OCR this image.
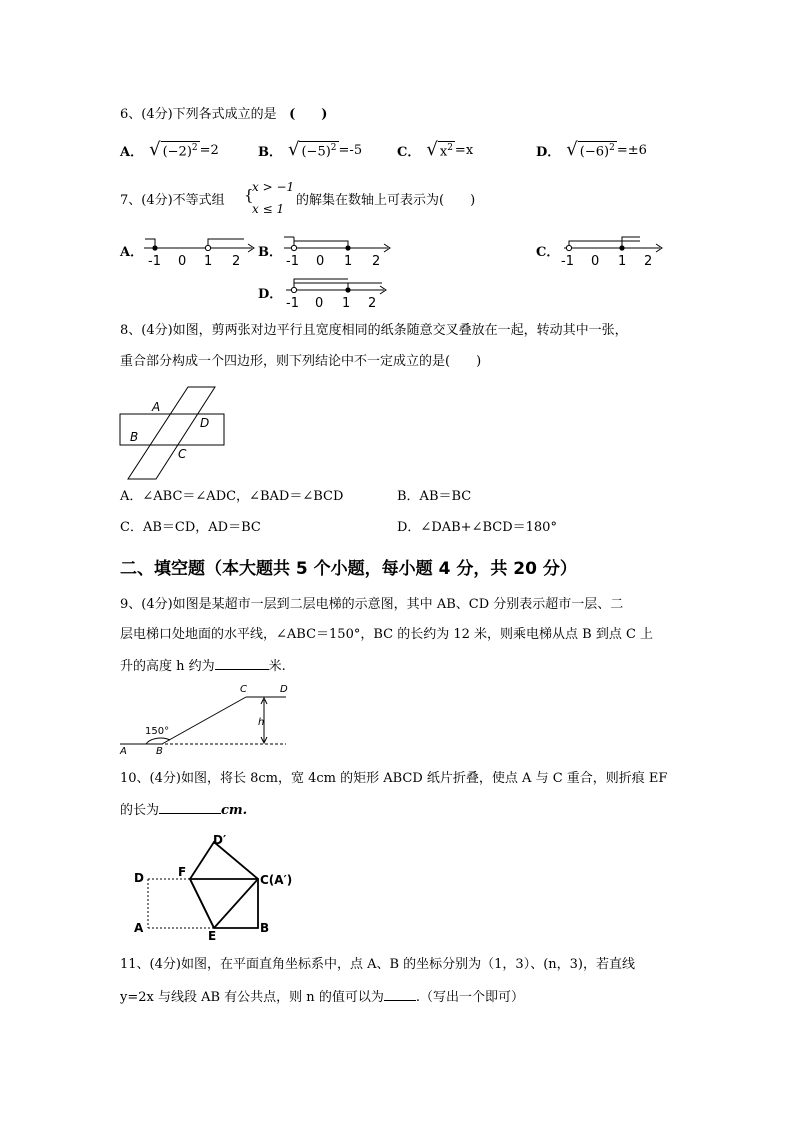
6、(4分)下列各式成立的是 (　　)
A． √ $(-2)^2 =2$	B． √ $(-5)^2 =-5$	C． √ $x^2 =x$	D． √ $(-6)^2 =\pm 6$
7、(4分)不等式组 {
x > −1
x ≤ 1
的解集在数轴上可表示为(　　)
A．	B．	C．
D．
-1 0 1 2	-1 0 1 2	-1 0 1 2
-1 0 1 2
8、(4分)如图，剪两张对边平行且宽度相同的纸条随意交叉叠放在一起，转动其中一张，
重合部分构成一个四边形，则下列结论中不一定成立的是(　　)
A
B
C
D
A．∠ABC＝∠ADC，∠BAD＝∠BCD	B．AB＝BC
C．AB＝CD，AD＝BC	D．∠DAB+∠BCD＝180°
二、填空题（本大题共 5 个小题，每小题 4 分，共 20 分）
9、(4分)如图是某超市一层到二层电梯的示意图，其中 AB、CD 分别表示超市一层、二
层电梯口处地面的水平线，∠ABC＝150°，BC 的长约为 12 米，则乘电梯从点 B 到点 C 上
升的高度 h 约为	米.
150°
A	B
C	D
h
10、(4分)如图，将长 8cm，宽 4cm 的矩形 ABCD 纸片折叠，使点 A 与 C 重合，则折痕 EF
的长为	cm.
D′
D	F
C(A′)
A
E
B
11、(4分)如图，在平面直角坐标系中，点 A、B 的坐标分别为（1，3）、(n，3)，若直线
y=2x 与线段 AB 有公共点，则 n 的值可以为 .（写出一个即可）
